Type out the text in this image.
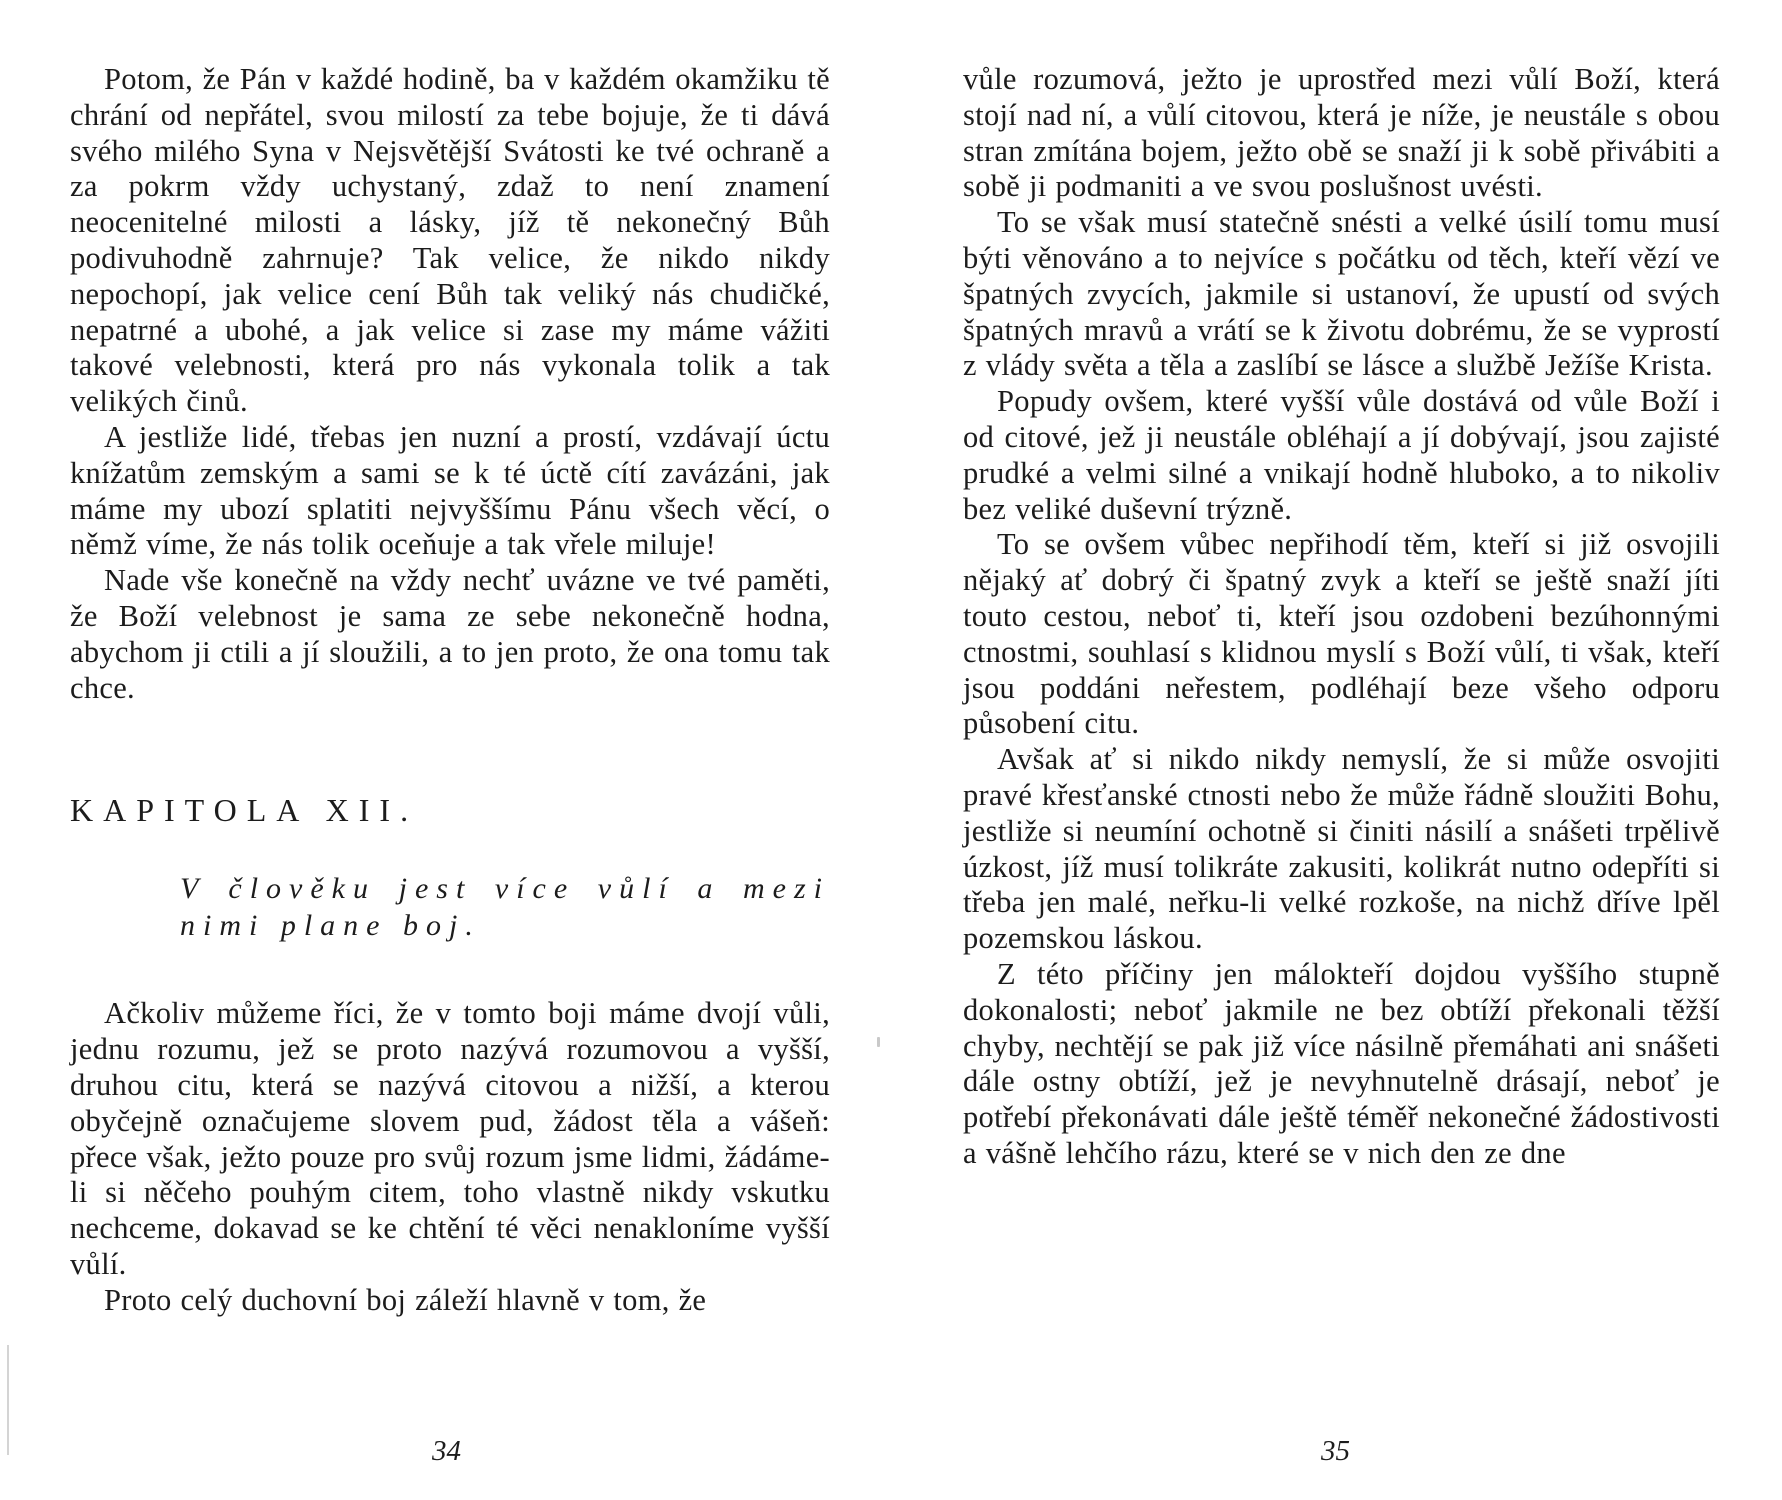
Potom, že Pán v každé hodině, ba v každém okamžiku tě chrání od nepřátel, svou milostí za tebe bojuje, že ti dává svého milého Syna v Nejsvětější Svátosti ke tvé ochraně a za pokrm vždy uchystaný, zdaž to není znamení neocenitelné milosti a lásky, jíž tě nekonečný Bůh podivuhodně zahrnuje? Tak velice, že nikdo nikdy nepochopí, jak velice cení Bůh tak veliký nás chudičké, nepatrné a ubohé, a jak velice si zase my máme vážiti takové velebnosti, která pro nás vykonala tolik a tak velikých činů.

A jestliže lidé, třebas jen nuzní a prostí, vzdávají úctu knížatům zemským a sami se k té úctě cítí zavázáni, jak máme my ubozí splatiti nejvyššímu Pánu všech věcí, o němž víme, že nás tolik oceňuje a tak vřele miluje!

Nade vše konečně na vždy nechť uvázne ve tvé paměti, že Boží velebnost je sama ze sebe nekonečně hodna, abychom ji ctili a jí sloužili, a to jen proto, že ona tomu tak chce.

KAPITOLA XII.

V člověku jest více vůlí a mezi nimi plane boj.

Ačkoliv můžeme říci, že v tomto boji máme dvojí vůli, jednu rozumu, jež se proto nazývá rozumovou a vyšší, druhou citu, která se nazývá citovou a nižší, a kterou obyčejně označujeme slovem pud, žádost těla a vášeň: přece však, ježto pouze pro svůj rozum jsme lidmi, žádáme-li si něčeho pouhým citem, toho vlastně nikdy vskutku nechceme, dokavad se ke chtění té věci nenakloníme vyšší vůlí.

Proto celý duchovní boj záleží hlavně v tom, že

34

vůle rozumová, ježto je uprostřed mezi vůlí Boží, která stojí nad ní, a vůlí citovou, která je níže, je neustále s obou stran zmítána bojem, ježto obě se snaží ji k sobě přivábiti a sobě ji podmaniti a ve svou poslušnost uvésti.

To se však musí statečně snésti a velké úsilí tomu musí býti věnováno a to nejvíce s počátku od těch, kteří vězí ve špatných zvycích, jakmile si ustanoví, že upustí od svých špatných mravů a vrátí se k životu dobrému, že se vyprostí z vlády světa a těla a zaslíbí se lásce a službě Ježíše Krista.

Popudy ovšem, které vyšší vůle dostává od vůle Boží i od citové, jež ji neustále obléhají a jí dobývají, jsou zajisté prudké a velmi silné a vnikají hodně hluboko, a to nikoliv bez veliké duševní trýzně.

To se ovšem vůbec nepřihodí těm, kteří si již osvojili nějaký ať dobrý či špatný zvyk a kteří se ještě snaží jíti touto cestou, neboť ti, kteří jsou ozdobeni bezúhonnými ctnostmi, souhlasí s klidnou myslí s Boží vůlí, ti však, kteří jsou poddáni neřestem, podléhají beze všeho odporu působení citu.

Avšak ať si nikdo nikdy nemyslí, že si může osvojiti pravé křesťanské ctnosti nebo že může řádně sloužiti Bohu, jestliže si neumíní ochotně si činiti násilí a snášeti trpělivě úzkost, jíž musí tolikráte zakusiti, kolikrát nutno odepříti si třeba jen malé, neřku-li velké rozkoše, na nichž dříve lpěl pozemskou láskou.

Z této příčiny jen málokteří dojdou vyššího stupně dokonalosti; neboť jakmile ne bez obtíží překonali těžší chyby, nechtějí se pak již více násilně přemáhati ani snášeti dále ostny obtíží, jež je nevyhnutelně drásají, neboť je potřebí překonávati dále ještě téměř nekonečné žádostivosti a vášně lehčího rázu, které se v nich den ze dne

35
